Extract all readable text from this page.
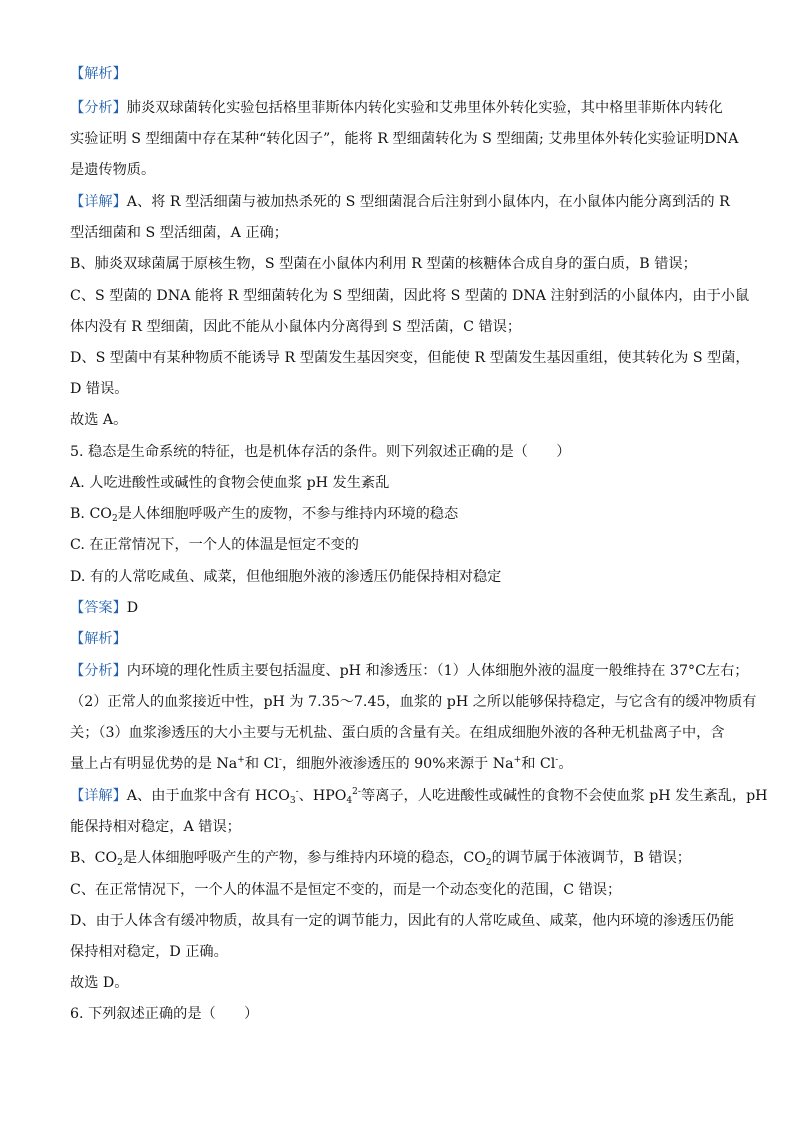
【解析】
【分析】肺炎双球菌转化实验包括格里菲斯体内转化实验和艾弗里体外转化实验，其中格里菲斯体内转化
实验证明 S 型细菌中存在某种“转化因子”，能将 R 型细菌转化为 S 型细菌; 艾弗里体外转化实验证明DNA
是遗传物质。
【详解】A、将 R 型活细菌与被加热杀死的 S 型细菌混合后注射到小鼠体内，在小鼠体内能分离到活的 R
型活细菌和 S 型活细菌，A 正确；
B、肺炎双球菌属于原核生物，S 型菌在小鼠体内利用 R 型菌的核糖体合成自身的蛋白质，B 错误；
C、S 型菌的 DNA 能将 R 型细菌转化为 S 型细菌，因此将 S 型菌的 DNA 注射到活的小鼠体内，由于小鼠
体内没有 R 型细菌，因此不能从小鼠体内分离得到 S 型活菌，C 错误；
D、S 型菌中有某种物质不能诱导 R 型菌发生基因突变，但能使 R 型菌发生基因重组，使其转化为 S 型菌，
D 错误。
故选 A。
5. 稳态是生命系统的特征，也是机体存活的条件。则下列叙述正确的是（　　）
A. 人吃进酸性或碱性的食物会使血浆 pH 发生紊乱
B. $CO_2$是人体细胞呼吸产生的废物，不参与维持内环境的稳态
C. 在正常情况下，一个人的体温是恒定不变的
D. 有的人常吃咸鱼、咸菜，但他细胞外液的渗透压仍能保持相对稳定
【答案】D
【解析】
【分析】内环境的理化性质主要包括温度、pH 和渗透压：（1）人体细胞外液的温度一般维持在 37°C左右；
（2）正常人的血浆接近中性，pH 为 7.35～7.45，血浆的 pH 之所以能够保持稳定，与它含有的缓冲物质有
关；（3）血浆渗透压的大小主要与无机盐、蛋白质的含量有关。在组成细胞外液的各种无机盐离子中，含
量上占有明显优势的是 Na+和 Cl-，细胞外液渗透压的 90%来源于 Na+和 Cl-。
【详解】A、由于血浆中含有 $HCO_3^-$、$HPO_4^{2-}$等离子，人吃进酸性或碱性的食物不会使血浆 pH 发生紊乱，pH
能保持相对稳定，A 错误；
B、$CO_2$是人体细胞呼吸产生的产物，参与维持内环境的稳态，$CO_2$的调节属于体液调节，B 错误；
C、在正常情况下，一个人的体温不是恒定不变的，而是一个动态变化的范围，C 错误；
D、由于人体含有缓冲物质，故具有一定的调节能力，因此有的人常吃咸鱼、咸菜，他内环境的渗透压仍能
保持相对稳定，D 正确。
故选 D。
6. 下列叙述正确的是（　　）
